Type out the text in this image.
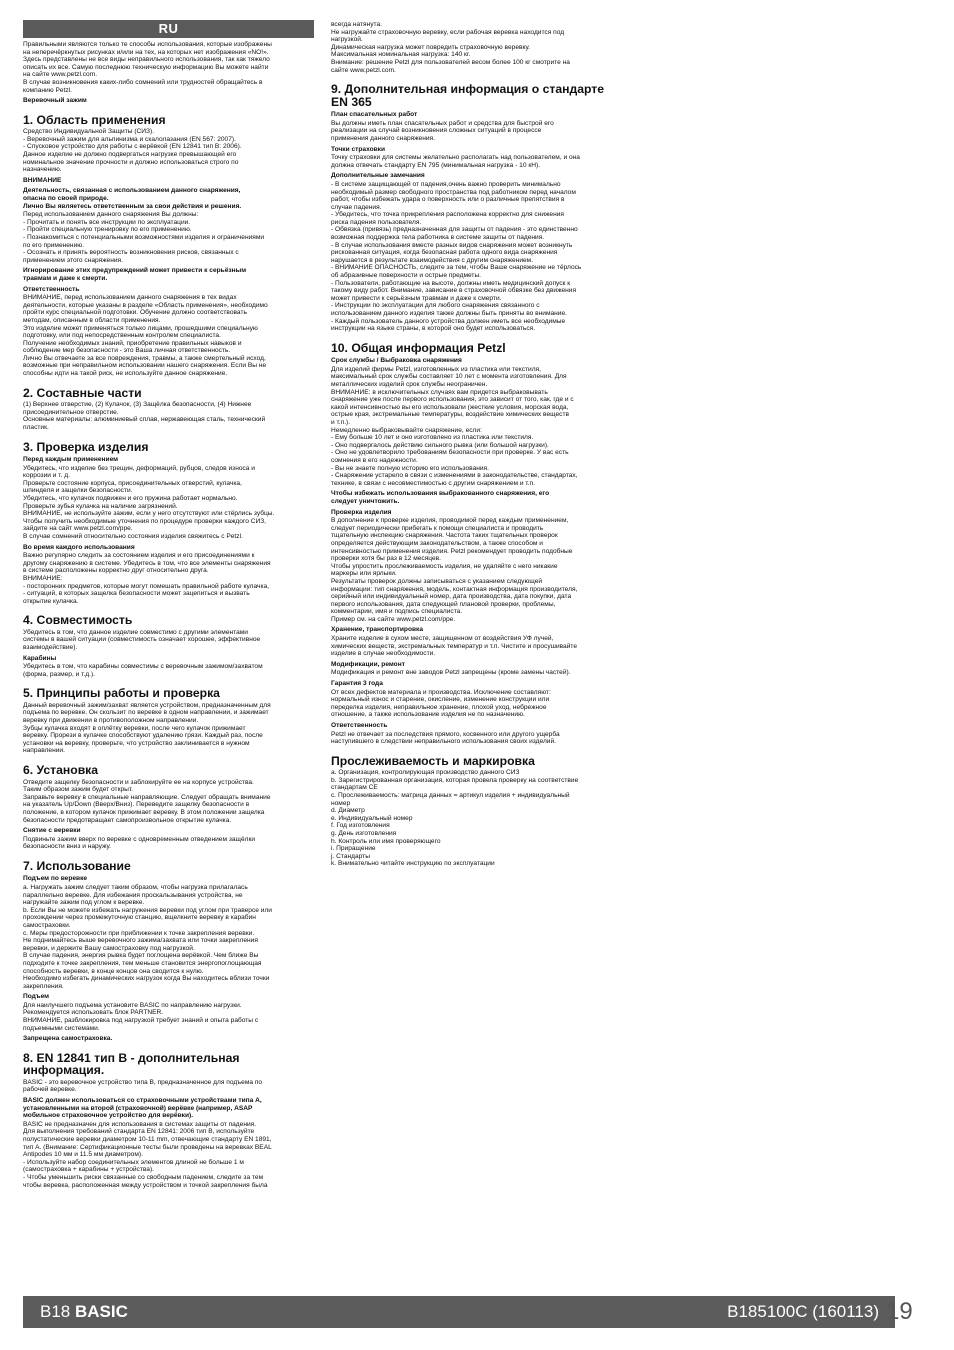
RU
Правильными являются только те способы использования, которые изображены
на неперечёркнутых рисунках и/или на тех, на которых нет изображения «NO!».
Здесь представлены не все виды неправильного использования, так как тяжело
описать их все. Самую последнюю техническую информацию Вы можете найти
на сайте www.petzl.com.
В случае возникновения каких-либо сомнений или трудностей обращайтесь в
компанию Petzl.
Веревочный зажим
1. Область применения
Средство Индивидуальной Защиты (СИЗ).
- Веревочный зажим для альпинизма и скалолазания (EN 567: 2007).
- Спусковое устройство для работы с верёвкой (EN 12841 тип B: 2006).
Данное изделие не должно подвергаться нагрузке превышающей его
номинальное значение прочности и должно использоваться строго по
назначению.
ВНИМАНИЕ
Деятельность, связанная с использованием данного снаряжения,
опасна по своей природе.
Лично Вы являетесь ответственным за свои действия и решения.
Перед использованием данного снаряжения Вы должны:
- Прочитать и понять все инструкции по эксплуатации.
- Пройти специальную тренировку по его применению.
- Познакомиться с потенциальными возможностями изделия и ограничениями
по его применению.
- Осознать и принять вероятность возникновения рисков, связанных с
применением этого снаряжения.
Игнорирование этих предупреждений может привести к серьёзным
травмам и даже к смерти.
Ответственность
ВНИМАНИЕ, перед использованием данного снаряжения в тех видах
деятельности, которые указаны в разделе «Область применения», необходимо
пройти курс специальной подготовки. Обучение должно соответствовать
методам, описанным в области применения.
Это изделие может применяться только лицами, прошедшими специальную
подготовку, или под непосредственным контролем специалиста.
Получение необходимых знаний, приобретение правильных навыков и
соблюдение мер безопасности - это Ваша личная ответственность.
Лично Вы отвечаете за все повреждения, травмы, а также смертельный исход,
возможные при неправильном использовании нашего снаряжения. Если Вы не
способны идти на такой риск, не используйте данное снаряжение.
2. Составные части
(1) Верхнее отверстие, (2) Кулачок, (3) Защёлка безопасности, (4) Нижнее
присоединительное отверстие.
Основные материалы: алюминиевый сплав, нержавеющая сталь, технический
пластик.
3. Проверка изделия
Перед каждым применением
Убедитесь, что изделие без трещин, деформаций, рубцов, следов износа и
коррозии и т. д.
Проверьте состояние корпуса, присоединительных отверстий, кулачка,
шпинделя и защелки безопасности.
Убедитесь, что кулачок подвижен и его пружина работает нормально.
Проверьте зубья кулачка на наличие загрязнений.
ВНИМАНИЕ, не используйте зажим, если у него отсутствуют или стёрлись зубцы.
Чтобы получить необходимые уточнения по процедуре проверки каждого СИЗ,
зайдите на сайт www.petzl.com/ppe.
В случае сомнений относительно состояния изделия свяжитесь с Petzl.
Во время каждого использования
Важно регулярно следить за состоянием изделия и его присоединениями к
другому снаряжению в системе. Убедитесь в том, что все элементы снаряжения
в системе расположены корректно друг относительно друга.
ВНИМАНИЕ:
- посторонних предметов, которые могут помешать правильной работе кулачка,
- ситуаций, в которых защелка безопасности может зацепиться и вызвать
открытие кулачка.
4. Совместимость
Убедитесь в том, что данное изделие совместимо с другими элементами
системы в вашей ситуации (совместимость означает хорошее, эффективное
взаимодействие).
Карабины
Убедитесь в том, что карабины совместимы с веревочным зажимом/захватом
(форма, размер, и т.д.).
5. Принципы работы и проверка
Данный веревочный зажим/захват является устройством, предназначенным для
подъема по веревке. Он скользит по веревке в одном направлении, и зажимает
веревку при движении в противоположном направлении.
Зубцы кулачка входят в оплётку веревки, после чего кулачок прижимает
веревку. Прорези в кулачке способствуют удалению грязи. Каждый раз, после
установки на веревку, проверьте, что устройство заклинивается в нужном
направлении.
6. Установка
Отведите защелку безопасности и заблокируйте ее на корпусе устройства.
Таким образом зажим будет открыт.
Заправьте веревку в специальные направляющие. Следует обращать внимание
на указатель Up/Down (Вверх/Вниз). Переведите защелку безопасности в
положение, в котором кулачок прижимает веревку. В этом положении защелка
безопасности предотвращает самопроизвольное открытие кулачка.
Снятие с веревки
Подвиньте зажим вверх по веревке с одновременным отведением защёлки
безопасности вниз и наружу.
7. Использование
Подъем по веревке
a. Нагружать зажим следует таким образом, чтобы нагрузка прилагалась
параллельно веревке. Для избежания проскальзывания устройства, не
нагружайте зажим под углом к веревке.
b. Если Вы не можете избежать нагружения веревки под углом при траверсе или
прохождении через промежуточную станцию, вщелкните веревку в карабин
самостраховки.
c. Меры предосторожности при приближении к точке закрепления веревки.
Не поднимайтесь выше веревочного зажима/захвата или точки закрепления
веревки, и держите Вашу самостраховку под нагрузкой.
В случае падения, энергия рывка будет поглощена верёвкой. Чем ближе Вы
подходите к точке закрепления, тем меньше становится энергопоглощающая
способность веревки, в конце концов она сводится к нулю.
Необходимо избегать динамических нагрузок когда Вы находитесь вблизи точки
закрепления.
Подъем
Для наилучшего подъема установите BASIC по направлению нагрузки.
Рекомендуется использовать блок PARTNER.
ВНИМАНИЕ, разблокировка под нагрузкой требует знаний и опыта работы с
подъемными системами.
Запрещена самостраховка.
8. EN 12841 тип B - дополнительная
информация.
BASIC - это веревочное устройство типа B, предназначенное для подъема по
рабочей веревке.
BASIC должен использоваться со страховочными устройствами типа A,
установленными на второй (страховочной) верёвке (например, ASAP
мобильное страховочное устройство для верёвки).
BASIC не предназначен для использования в системах защиты от падения.
Для выполнения требований стандарта EN 12841: 2006 тип B, используйте
полустатические веревки диаметром 10-11 mm, отвечающие стандарту EN 1891,
тип A. (Внимание: Сертификационные тесты были проведены на веревках BEAL
Antipodes 10 мм и 11.5 мм диаметром).
- Используйте набор соединительных элементов длиной не больше 1 м
(самостраховка + карабины + устройства).
- Чтобы уменьшить риски связанные со свободным падением, следите за тем
чтобы веревка, расположенная между устройством и точкой закрепления была
всегда натянута.
Не нагружайте страховочную веревку, если рабочая веревка находится под
нагрузкой.
Динамическая нагрузка может повредить страховочную веревку.
Максимальная номинальная нагрузка: 140 кг.
Внимание: решение Petzl для пользователей весом более 100 кг смотрите на
сайте www.petzl.com.
9. Дополнительная информация о стандарте
EN 365
План спасательных работ
Вы должны иметь план спасательных работ и средства для быстрой его
реализации на случай возникновения сложных ситуаций в процессе
применения данного снаряжения.
Точки страховки
Точку страховки для системы желательно располагать над пользователем, и она
должна отвечать стандарту EN 795 (минимальная нагрузка - 10 кН).
Дополнительные замечания
- В системе защищающей от падения,очень важно проверить минимально
необходимый размер свободного пространства под работником перед началом
работ, чтобы избежать удара о поверхность или о различные препятствия в
случае падения.
- Убедитесь, что точка прикрепления расположена корректно для снижения
риска падения пользователя.
- Обвязка (привязь) предназначенная для защиты от падения - это единственно
возможная поддержка тела работника в системе защиты от падения.
- В случае использования вместе разных видов снаряжения может возникнуть
рискованная ситуация, когда безопасная работа одного вида снаряжения
нарушается в результате взаимодействия с другим снаряжением.
- ВНИМАНИЕ ОПАСНОСТЬ, следите за тем, чтобы Ваше снаряжение не тёрлось
об абразивные поверхности и острые предметы.
- Пользователи, работающие на высоте, должны иметь медицинский допуск к
такому виду работ. Внимание, зависание в страховочной обвязке без движения
может привести к серьёзным травмам и даже к смерти.
- Инструкции по эксплуатации для любого снаряжения связанного с
использованием данного изделия также должны быть приняты во внимание.
- Каждый пользователь данного устройства должен иметь все необходимые
инструкции на языке страны, в которой оно будет использоваться.
10. Общая информация Petzl
Срок службы / Выбраковка снаряжения
Для изделий фирмы Petzl, изготовленных из пластика или текстиля,
максимальный срок службы составляет 10 лет с момента изготовления. Для
металлических изделий срок службы неограничен.
ВНИМАНИЕ: в исключительных случаях вам придется выбраковывать
снаряжение уже после первого использования, это зависит от того, как, где и с
какой интенсивностью вы его использовали (жесткие условия, морская вода,
острые края, экстремальные температуры, воздействие химических веществ
и т.п.).
Немедленно выбраковывайте снаряжение, если:
- Ему больше 10 лет и оно изготовлено из пластика или текстиля.
- Оно подвергалось действию сильного рывка (или большой нагрузки).
- Оно не удовлетворило требованиям безопасности при проверке. У вас есть
сомнения в его надежности.
- Вы не знаете полную историю его использования.
- Снаряжение устарело в связи с изменениями в законодательстве, стандартах,
технике, в связи с несовместимостью с другим снаряжением и т.п.
Чтобы избежать использования выбракованного снаряжения, его
следует уничтожить.
Проверка изделия
В дополнение к проверке изделия, проводимой перед каждым применением,
следует периодически прибегать к помощи специалиста и проводить
тщательную инспекцию снаряжения. Частота таких тщательных проверок
определяется действующим законодательством, а также способом и
интенсивностью применения изделия. Petzl рекомендует проводить подобные
проверки хотя бы раз в 12 месяцев.
Чтобы упростить прослеживаемость изделия, не удаляйте с него никакие
маркеры или ярлыки.
Результаты проверок должны записываться с указанием следующей
информации: тип снаряжения, модель, контактная информация производителя,
серийный или индивидуальный номер, дата производства, дата покупки, дата
первого использования, дата следующей плановой проверки, проблемы,
комментарии, имя и подпись специалиста.
Пример см. на сайте www.petzl.com/ppe.
Хранение, транспортировка
Храните изделие в сухом месте, защищенном от воздействия УФ лучей,
химических веществ, экстремальных температур и т.п. Чистите и просушивайте
изделие в случае необходимости.
Модификации, ремонт
Модификация и ремонт вне заводов Petzl запрещены (кроме замены частей).
Гарантия 3 года
От всех дефектов материала и производства. Исключение составляют:
нормальный износ и старение, окисление, изменение конструкции или
переделка изделия, неправильное хранение, плохой уход, небрежное
отношение, а также использование изделия не по назначению.
Ответственность
Petzl не отвечает за последствия прямого, косвенного или другого ущерба
наступившего в следствии неправильного использования своих изделий.
Прослеживаемость и маркировка
a. Организация, контролирующая производство данного СИЗ
b. Зарегистрированная организация, которая провела проверку на соответствие
стандартам CE
c. Прослеживаемость: матрица данных = артикул изделия + индивидуальный
номер
d. Диаметр
e. Индивидуальный номер
f. Год изготовления
g. День изготовления
h. Контроль или имя проверяющего
i. Приращение
j. Стандарты
k. Внимательно читайте инструкцию по эксплуатации
B18 BASIC	B185100C (160113) 19
